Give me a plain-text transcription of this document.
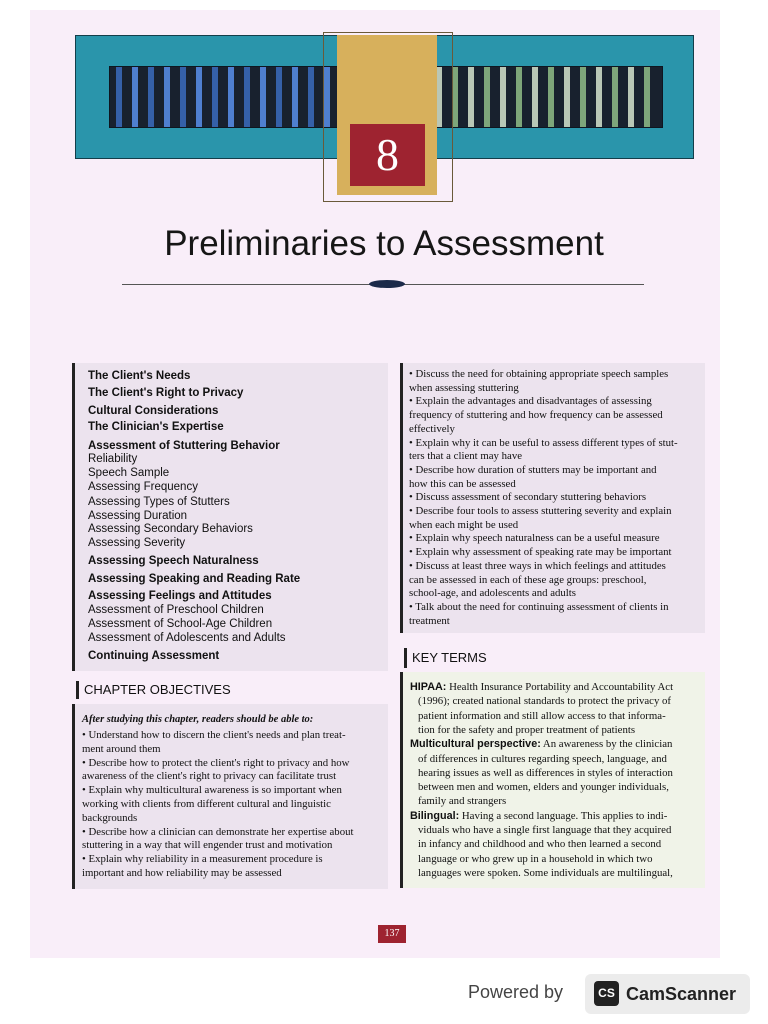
8
Preliminaries to Assessment
The Client's Needs
The Client's Right to Privacy
Cultural Considerations
The Clinician's Expertise
Assessment of Stuttering Behavior
Reliability
Speech Sample
Assessing Frequency
Assessing Types of Stutters
Assessing Duration
Assessing Secondary Behaviors
Assessing Severity
Assessing Speech Naturalness
Assessing Speaking and Reading Rate
Assessing Feelings and Attitudes
Assessment of Preschool Children
Assessment of School-Age Children
Assessment of Adolescents and Adults
Continuing Assessment
• Discuss the need for obtaining appropriate speech samples
when assessing stuttering
• Explain the advantages and disadvantages of assessing
frequency of stuttering and how frequency can be assessed
effectively
• Explain why it can be useful to assess different types of stut-
ters that a client may have
• Describe how duration of stutters may be important and
how this can be assessed
• Discuss assessment of secondary stuttering behaviors
• Describe four tools to assess stuttering severity and explain
when each might be used
• Explain why speech naturalness can be a useful measure
• Explain why assessment of speaking rate may be important
• Discuss at least three ways in which feelings and attitudes
can be assessed in each of these age groups: preschool,
school-age, and adolescents and adults
• Talk about the need for continuing assessment of clients in
treatment
CHAPTER OBJECTIVES
After studying this chapter, readers should be able to:
• Understand how to discern the client's needs and plan treat-
ment around them
• Describe how to protect the client's right to privacy and how
awareness of the client's right to privacy can facilitate trust
• Explain why multicultural awareness is so important when
working with clients from different cultural and linguistic
backgrounds
• Describe how a clinician can demonstrate her expertise about
stuttering in a way that will engender trust and motivation
• Explain why reliability in a measurement procedure is
important and how reliability may be assessed
KEY TERMS
HIPAA: Health Insurance Portability and Accountability Act
(1996); created national standards to protect the privacy of
patient information and still allow access to that informa-
tion for the safety and proper treatment of patients
Multicultural perspective: An awareness by the clinician
of differences in cultures regarding speech, language, and
hearing issues as well as differences in styles of interaction
between men and women, elders and younger individuals,
family and strangers
Bilingual: Having a second language. This applies to indi-
viduals who have a single first language that they acquired
in infancy and childhood and who then learned a second
language or who grew up in a household in which two
languages were spoken. Some individuals are multilingual,
137
Powered by	CS CamScanner
